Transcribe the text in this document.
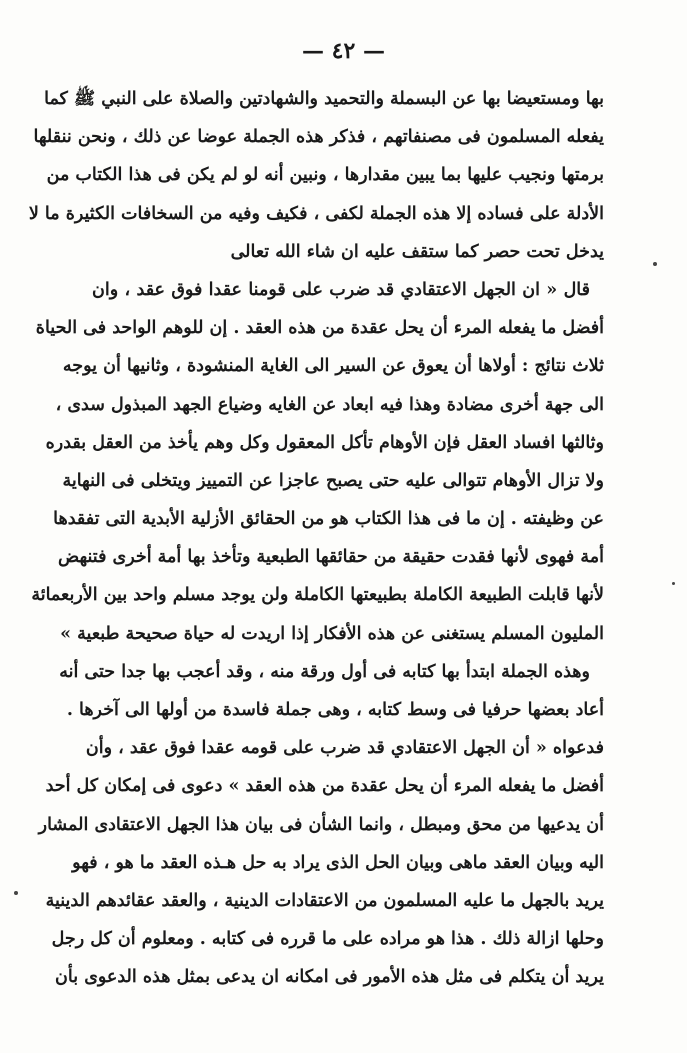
— ٤٢ —
بها ومستعيضا بها عن البسملة والتحميد والشهادتين والصلاة على النبي ﷺ كما
يفعله المسلمون فى مصنفاتهم ، فذكر هذه الجملة عوضا عن ذلك ، ونحن ننقلها
برمتها ونجيب عليها بما يبين مقدارها ، ونبين أنه لو لم يكن فى هذا الكتاب من
الأدلة على فساده إلا هذه الجملة لكفى ، فكيف وفيه من السخافات الكثيرة ما لا
يدخل تحت حصر كما ستقف عليه ان شاء الله تعالى
قال « ان الجهل الاعتقادي قد ضرب على قومنا عقدا فوق عقد ، وان
أفضل ما يفعله المرء أن يحل عقدة من هذه العقد . إن للوهم الواحد فى الحياة
ثلاث نتائج : أولاها أن يعوق عن السير الى الغاية المنشودة ، وثانيها أن يوجه
الى جهة أخرى مضادة وهذا فيه ابعاد عن الغايه وضياع الجهد المبذول سدى ،
وثالثها افساد العقل فإن الأوهام تأكل المعقول وكل وهم يأخذ من العقل بقدره
ولا تزال الأوهام تتوالى عليه حتى يصبح عاجزا عن التمييز ويتخلى فى النهاية
عن وظيفته . إن ما فى هذا الكتاب هو من الحقائق الأزلية الأبدية التى تفقدها
أمة فهوى لأنها فقدت حقيقة من حقائقها الطبعية وتأخذ بها أمة أخرى فتنهض
لأنها قابلت الطبيعة الكاملة بطبيعتها الكاملة ولن يوجد مسلم واحد بين الأربعمائة
المليون المسلم يستغنى عن هذه الأفكار إذا اريدت له حياة صحيحة طبعية »
وهذه الجملة ابتدأ بها كتابه فى أول ورقة منه ، وقد أعجب بها جدا حتى أنه
أعاد بعضها حرفيا فى وسط كتابه ، وهى جملة فاسدة من أولها الى آخرها .
فدعواه « أن الجهل الاعتقادي قد ضرب على قومه عقدا فوق عقد ، وأن
أفضل ما يفعله المرء أن يحل عقدة من هذه العقد » دعوى فى إمكان كل أحد
أن يدعيها من محق ومبطل ، وانما الشأن فى بيان هذا الجهل الاعتقادى المشار
اليه وبيان العقد ماهى وبيان الحل الذى يراد به حل هـذه العقد ما هو ، فهو
يريد بالجهل ما عليه المسلمون من الاعتقادات الدينية ، والعقد عقائدهم الدينية
وحلها ازالة ذلك . هذا هو مراده على ما قرره فى كتابه . ومعلوم أن كل رجل
يريد أن يتكلم فى مثل هذه الأمور فى امكانه ان يدعى بمثل هذه الدعوى بأن
